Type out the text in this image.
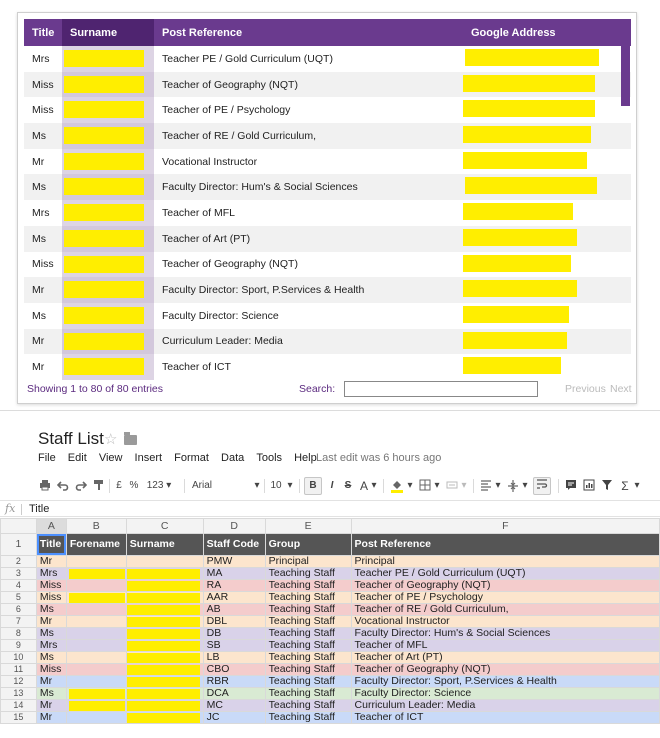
Title	Surname	Post Reference	Google Address
Mrs		Teacher PE / Gold Curriculum (UQT)	

Miss		Teacher of Geography (NQT)	

Miss		Teacher of PE / Psychology	

Ms		Teacher of RE / Gold Curriculum,	

Mr		Vocational Instructor	

Ms		Faculty Director: Hum's & Social Sciences	

Mrs		Teacher of MFL	

Ms		Teacher of Art (PT)	

Miss		Teacher of Geography (NQT)	

Mr		Faculty Director: Sport, P.Services & Health	

Ms		Faculty Director: Science	

Mr		Curriculum Leader: Media	

Mr		Teacher of ICT	
Showing 1 to 80 of 80 entries	Search:	Previous Next
Staff List ☆
File Edit View Insert Format Data Tools Help Last edit was 6 hours ago
£ % 123 ▾	Arial	▾ 10 ▾	B	I	S A ▾	▾ ▾ ▾	▾ ▾	Σ ▾
fx Title
	A	B	C	D	E	F
1	Title	Forename	Surname	Staff Code	Group	Post Reference
2	Mr			PMW	Principal	Principal
3	Mrs			MA	Teaching Staff	Teacher PE / Gold Curriculum (UQT)
4	Miss			RA	Teaching Staff	Teacher of Geography (NQT)
5	Miss			AAR	Teaching Staff	Teacher of PE / Psychology
6	Ms			AB	Teaching Staff	Teacher of RE / Gold Curriculum,
7	Mr			DBL	Teaching Staff	Vocational Instructor
8	Ms			DB	Teaching Staff	Faculty Director: Hum's & Social Sciences
9	Mrs			SB	Teaching Staff	Teacher of MFL
10	Ms			LB	Teaching Staff	Teacher of Art (PT)
11	Miss			CBO	Teaching Staff	Teacher of Geography (NQT)
12	Mr			RBR	Teaching Staff	Faculty Director: Sport, P.Services & Health
13	Ms			DCA	Teaching Staff	Faculty Director: Science
14	Mr			MC	Teaching Staff	Curriculum Leader: Media
15	Mr			JC	Teaching Staff	Teacher of ICT
